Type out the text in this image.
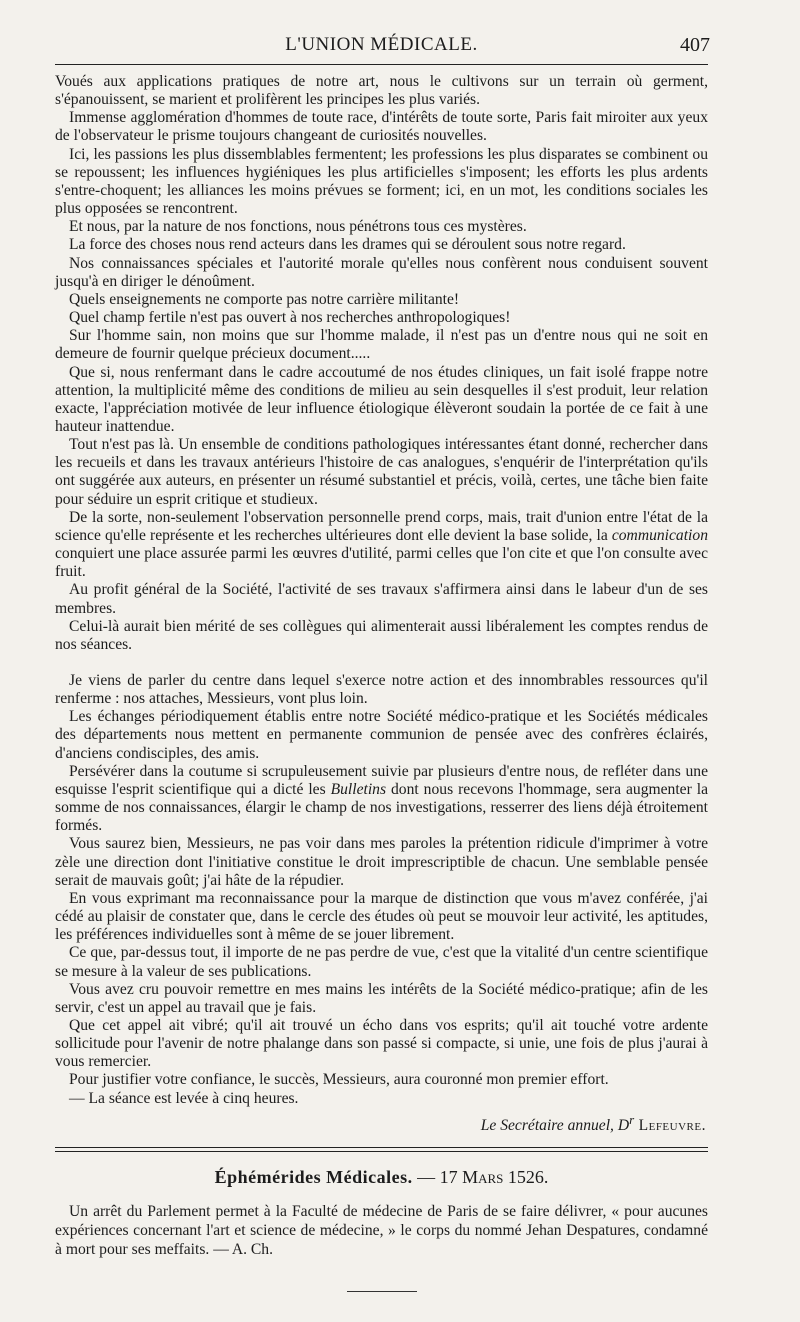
L'UNION MÉDICALE.	407

Voués aux applications pratiques de notre art, nous le cultivons sur un terrain où germent, s'épanouissent, se marient et prolifèrent les principes les plus variés.

Immense agglomération d'hommes de toute race, d'intérêts de toute sorte, Paris fait miroiter aux yeux de l'observateur le prisme toujours changeant de curiosités nouvelles.

Ici, les passions les plus dissemblables fermentent; les professions les plus disparates se combinent ou se repoussent; les influences hygiéniques les plus artificielles s'imposent; les efforts les plus ardents s'entre-choquent; les alliances les moins prévues se forment; ici, en un mot, les conditions sociales les plus opposées se rencontrent.

Et nous, par la nature de nos fonctions, nous pénétrons tous ces mystères.

La force des choses nous rend acteurs dans les drames qui se déroulent sous notre regard.

Nos connaissances spéciales et l'autorité morale qu'elles nous confèrent nous conduisent souvent jusqu'à en diriger le dénoûment.

Quels enseignements ne comporte pas notre carrière militante!

Quel champ fertile n'est pas ouvert à nos recherches anthropologiques!

Sur l'homme sain, non moins que sur l'homme malade, il n'est pas un d'entre nous qui ne soit en demeure de fournir quelque précieux document.....

Que si, nous renfermant dans le cadre accoutumé de nos études cliniques, un fait isolé frappe notre attention, la multiplicité même des conditions de milieu au sein desquelles il s'est produit, leur relation exacte, l'appréciation motivée de leur influence étiologique élèveront soudain la portée de ce fait à une hauteur inattendue.

Tout n'est pas là. Un ensemble de conditions pathologiques intéressantes étant donné, rechercher dans les recueils et dans les travaux antérieurs l'histoire de cas analogues, s'enquérir de l'interprétation qu'ils ont suggérée aux auteurs, en présenter un résumé substantiel et précis, voilà, certes, une tâche bien faite pour séduire un esprit critique et studieux.

De la sorte, non-seulement l'observation personnelle prend corps, mais, trait d'union entre l'état de la science qu'elle représente et les recherches ultérieures dont elle devient la base solide, la communication conquiert une place assurée parmi les œuvres d'utilité, parmi celles que l'on cite et que l'on consulte avec fruit.

Au profit général de la Société, l'activité de ses travaux s'affirmera ainsi dans le labeur d'un de ses membres.

Celui-là aurait bien mérité de ses collègues qui alimenterait aussi libéralement les comptes rendus de nos séances.

Je viens de parler du centre dans lequel s'exerce notre action et des innombrables ressources qu'il renferme : nos attaches, Messieurs, vont plus loin.

Les échanges périodiquement établis entre notre Société médico-pratique et les Sociétés médicales des départements nous mettent en permanente communion de pensée avec des confrères éclairés, d'anciens condisciples, des amis.

Persévérer dans la coutume si scrupuleusement suivie par plusieurs d'entre nous, de refléter dans une esquisse l'esprit scientifique qui a dicté les Bulletins dont nous recevons l'hommage, sera augmenter la somme de nos connaissances, élargir le champ de nos investigations, resserrer des liens déjà étroitement formés.

Vous saurez bien, Messieurs, ne pas voir dans mes paroles la prétention ridicule d'imprimer à votre zèle une direction dont l'initiative constitue le droit imprescriptible de chacun. Une semblable pensée serait de mauvais goût; j'ai hâte de la répudier.

En vous exprimant ma reconnaissance pour la marque de distinction que vous m'avez conférée, j'ai cédé au plaisir de constater que, dans le cercle des études où peut se mouvoir leur activité, les aptitudes, les préférences individuelles sont à même de se jouer librement.

Ce que, par-dessus tout, il importe de ne pas perdre de vue, c'est que la vitalité d'un centre scientifique se mesure à la valeur de ses publications.

Vous avez cru pouvoir remettre en mes mains les intérêts de la Société médico-pratique; afin de les servir, c'est un appel au travail que je fais.

Que cet appel ait vibré; qu'il ait trouvé un écho dans vos esprits; qu'il ait touché votre ardente sollicitude pour l'avenir de notre phalange dans son passé si compacte, si unie, une fois de plus j'aurai à vous remercier.

Pour justifier votre confiance, le succès, Messieurs, aura couronné mon premier effort.

— La séance est levée à cinq heures.

Le Secrétaire annuel, $D^r$ Lefeuvre.
Éphémérides Médicales. — 17 Mars 1526.

Un arrêt du Parlement permet à la Faculté de médecine de Paris de se faire délivrer, « pour aucunes expériences concernant l'art et science de médecine, » le corps du nommé Jehan Despatures, condamné à mort pour ses meffaits. — A. Ch.
